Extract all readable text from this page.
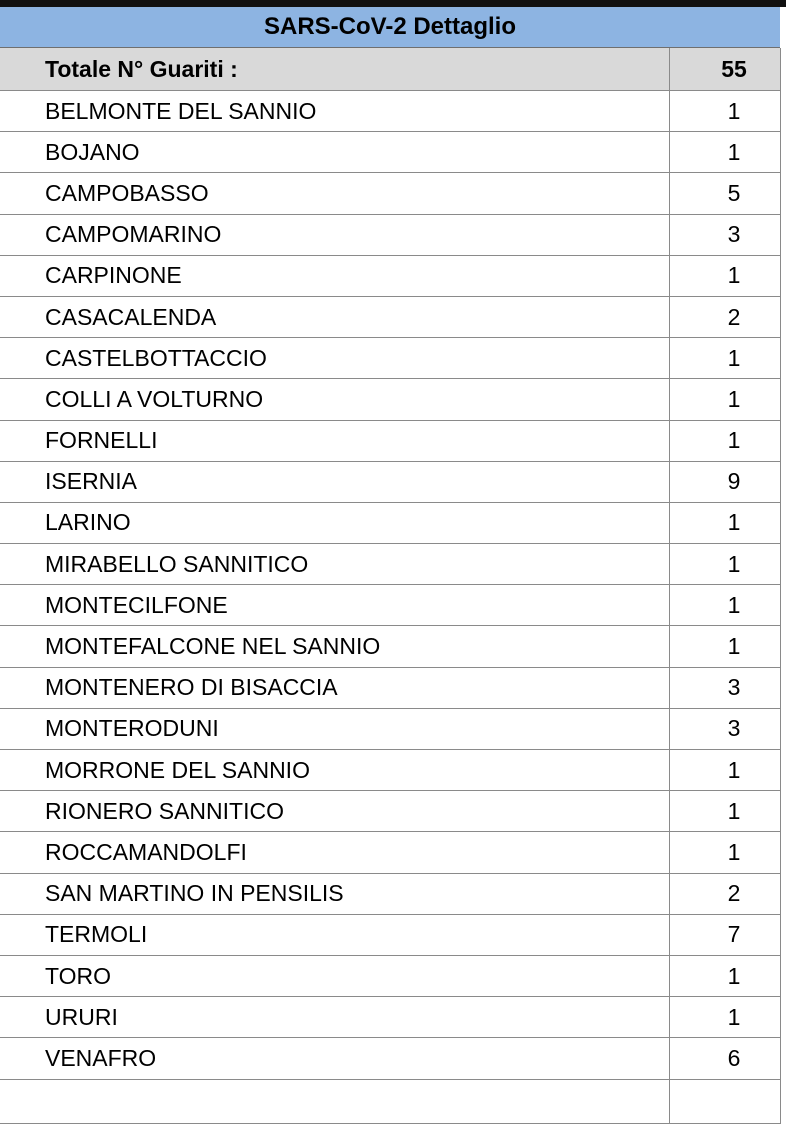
SARS-CoV-2 Dettaglio
Totale N° Guariti :	55
BELMONTE DEL SANNIO	1
BOJANO	1
CAMPOBASSO	5
CAMPOMARINO	3
CARPINONE	1
CASACALENDA	2
CASTELBOTTACCIO	1
COLLI A VOLTURNO	1
FORNELLI	1
ISERNIA	9
LARINO	1
MIRABELLO SANNITICO	1
MONTECILFONE	1
MONTEFALCONE NEL SANNIO	1
MONTENERO DI BISACCIA	3
MONTERODUNI	3
MORRONE DEL SANNIO	1
RIONERO SANNITICO	1
ROCCAMANDOLFI	1
SAN MARTINO IN PENSILIS	2
TERMOLI	7
TORO	1
URURI	1
VENAFRO	6
